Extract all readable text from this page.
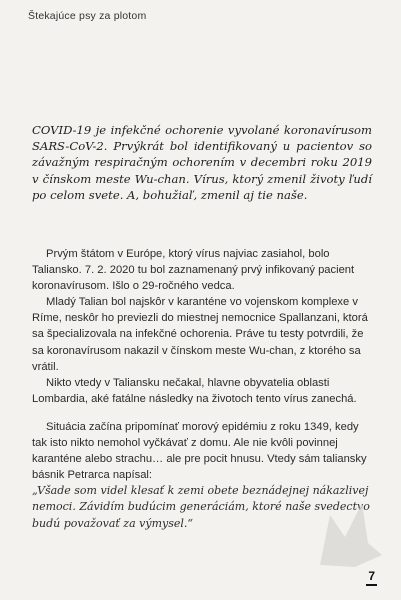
Štekajúce psy za plotom
COVID-19 je infekčné ochorenie vyvolané koronavírusom SARS-CoV-2. Prvýkrát bol identifikovaný u pacientov so závažným respiračným ochorením v decembri roku 2019 v čínskom meste Wu-chan. Vírus, ktorý zmenil životy ľudí po celom svete. A, bohužiaľ, zmenil aj tie naše.

Prvým štátom v Európe, ktorý vírus najviac zasiahol, bolo Taliansko. 7. 2. 2020 tu bol zaznamenaný prvý infikovaný pacient koronavírusom. Išlo o 29-ročného vedca.

Mladý Talian bol najskôr v karanténe vo vojenskom komplexe v Ríme, neskôr ho previezli do miestnej nemocnice Spallanzani, ktorá sa špecializovala na infekčné ochorenia. Práve tu testy potvrdili, že sa koronavírusom nakazil v čínskom meste Wu-chan, z ktorého sa vrátil.

Nikto vtedy v Taliansku nečakal, hlavne obyvatelia oblasti Lombardia, aké fatálne následky na životoch tento vírus zanechá.

Situácia začína pripomínať morový epidémiu z roku 1349, kedy tak isto nikto nemohol vyčkávať z domu. Ale nie kvôli povinnej karanténe alebo strachu… ale pre pocit hnusu. Vtedy sám taliansky básnik Petrarca napísal:

„Všade som videl klesať k zemi obete beznádejnej nákazlivej nemoci. Závidím budúcim generáciám, ktoré naše svedectvo budú považovať za výmysel.“

7
